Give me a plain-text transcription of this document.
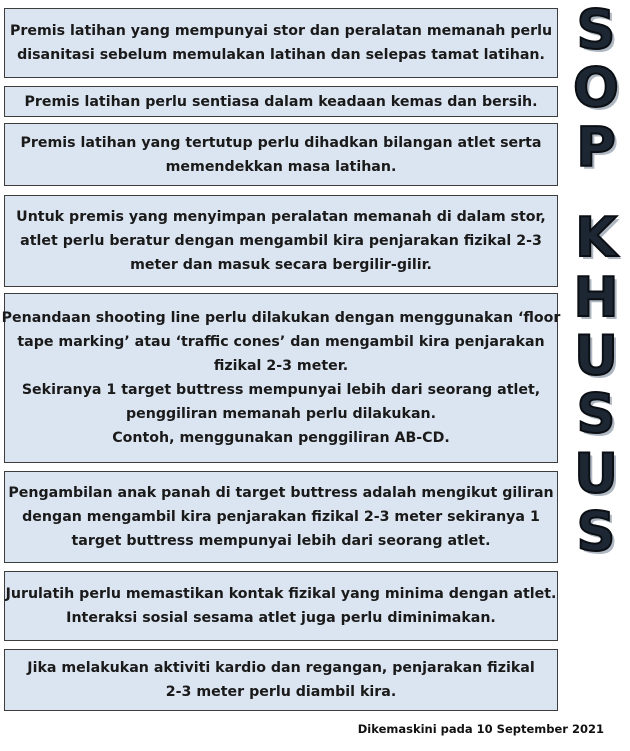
Premis latihan yang mempunyai stor dan peralatan memanah perlu
disanitasi sebelum memulakan latihan dan selepas tamat latihan.
Premis latihan perlu sentiasa dalam keadaan kemas dan bersih.
Premis latihan yang tertutup perlu dihadkan bilangan atlet serta
memendekkan masa latihan.
Untuk premis yang menyimpan peralatan memanah di dalam stor,
atlet perlu beratur dengan mengambil kira penjarakan fizikal 2-3
meter dan masuk secara bergilir-gilir.
Penandaan shooting line perlu dilakukan dengan menggunakan ‘floor
tape marking’ atau ‘traffic cones’ dan mengambil kira penjarakan
fizikal 2-3 meter.
Sekiranya 1 target buttress mempunyai lebih dari seorang atlet,
penggiliran memanah perlu dilakukan.
Contoh, menggunakan penggiliran AB-CD.
Pengambilan anak panah di target buttress adalah mengikut giliran
dengan mengambil kira penjarakan fizikal 2-3 meter sekiranya 1
target buttress mempunyai lebih dari seorang atlet.
Jurulatih perlu memastikan kontak fizikal yang minima dengan atlet.
Interaksi sosial sesama atlet juga perlu diminimakan.
Jika melakukan aktiviti kardio dan regangan, penjarakan fizikal
2-3 meter perlu diambil kira.
S
O
P
K
H
U
S
U
S
Dikemaskini pada 10 September 2021
